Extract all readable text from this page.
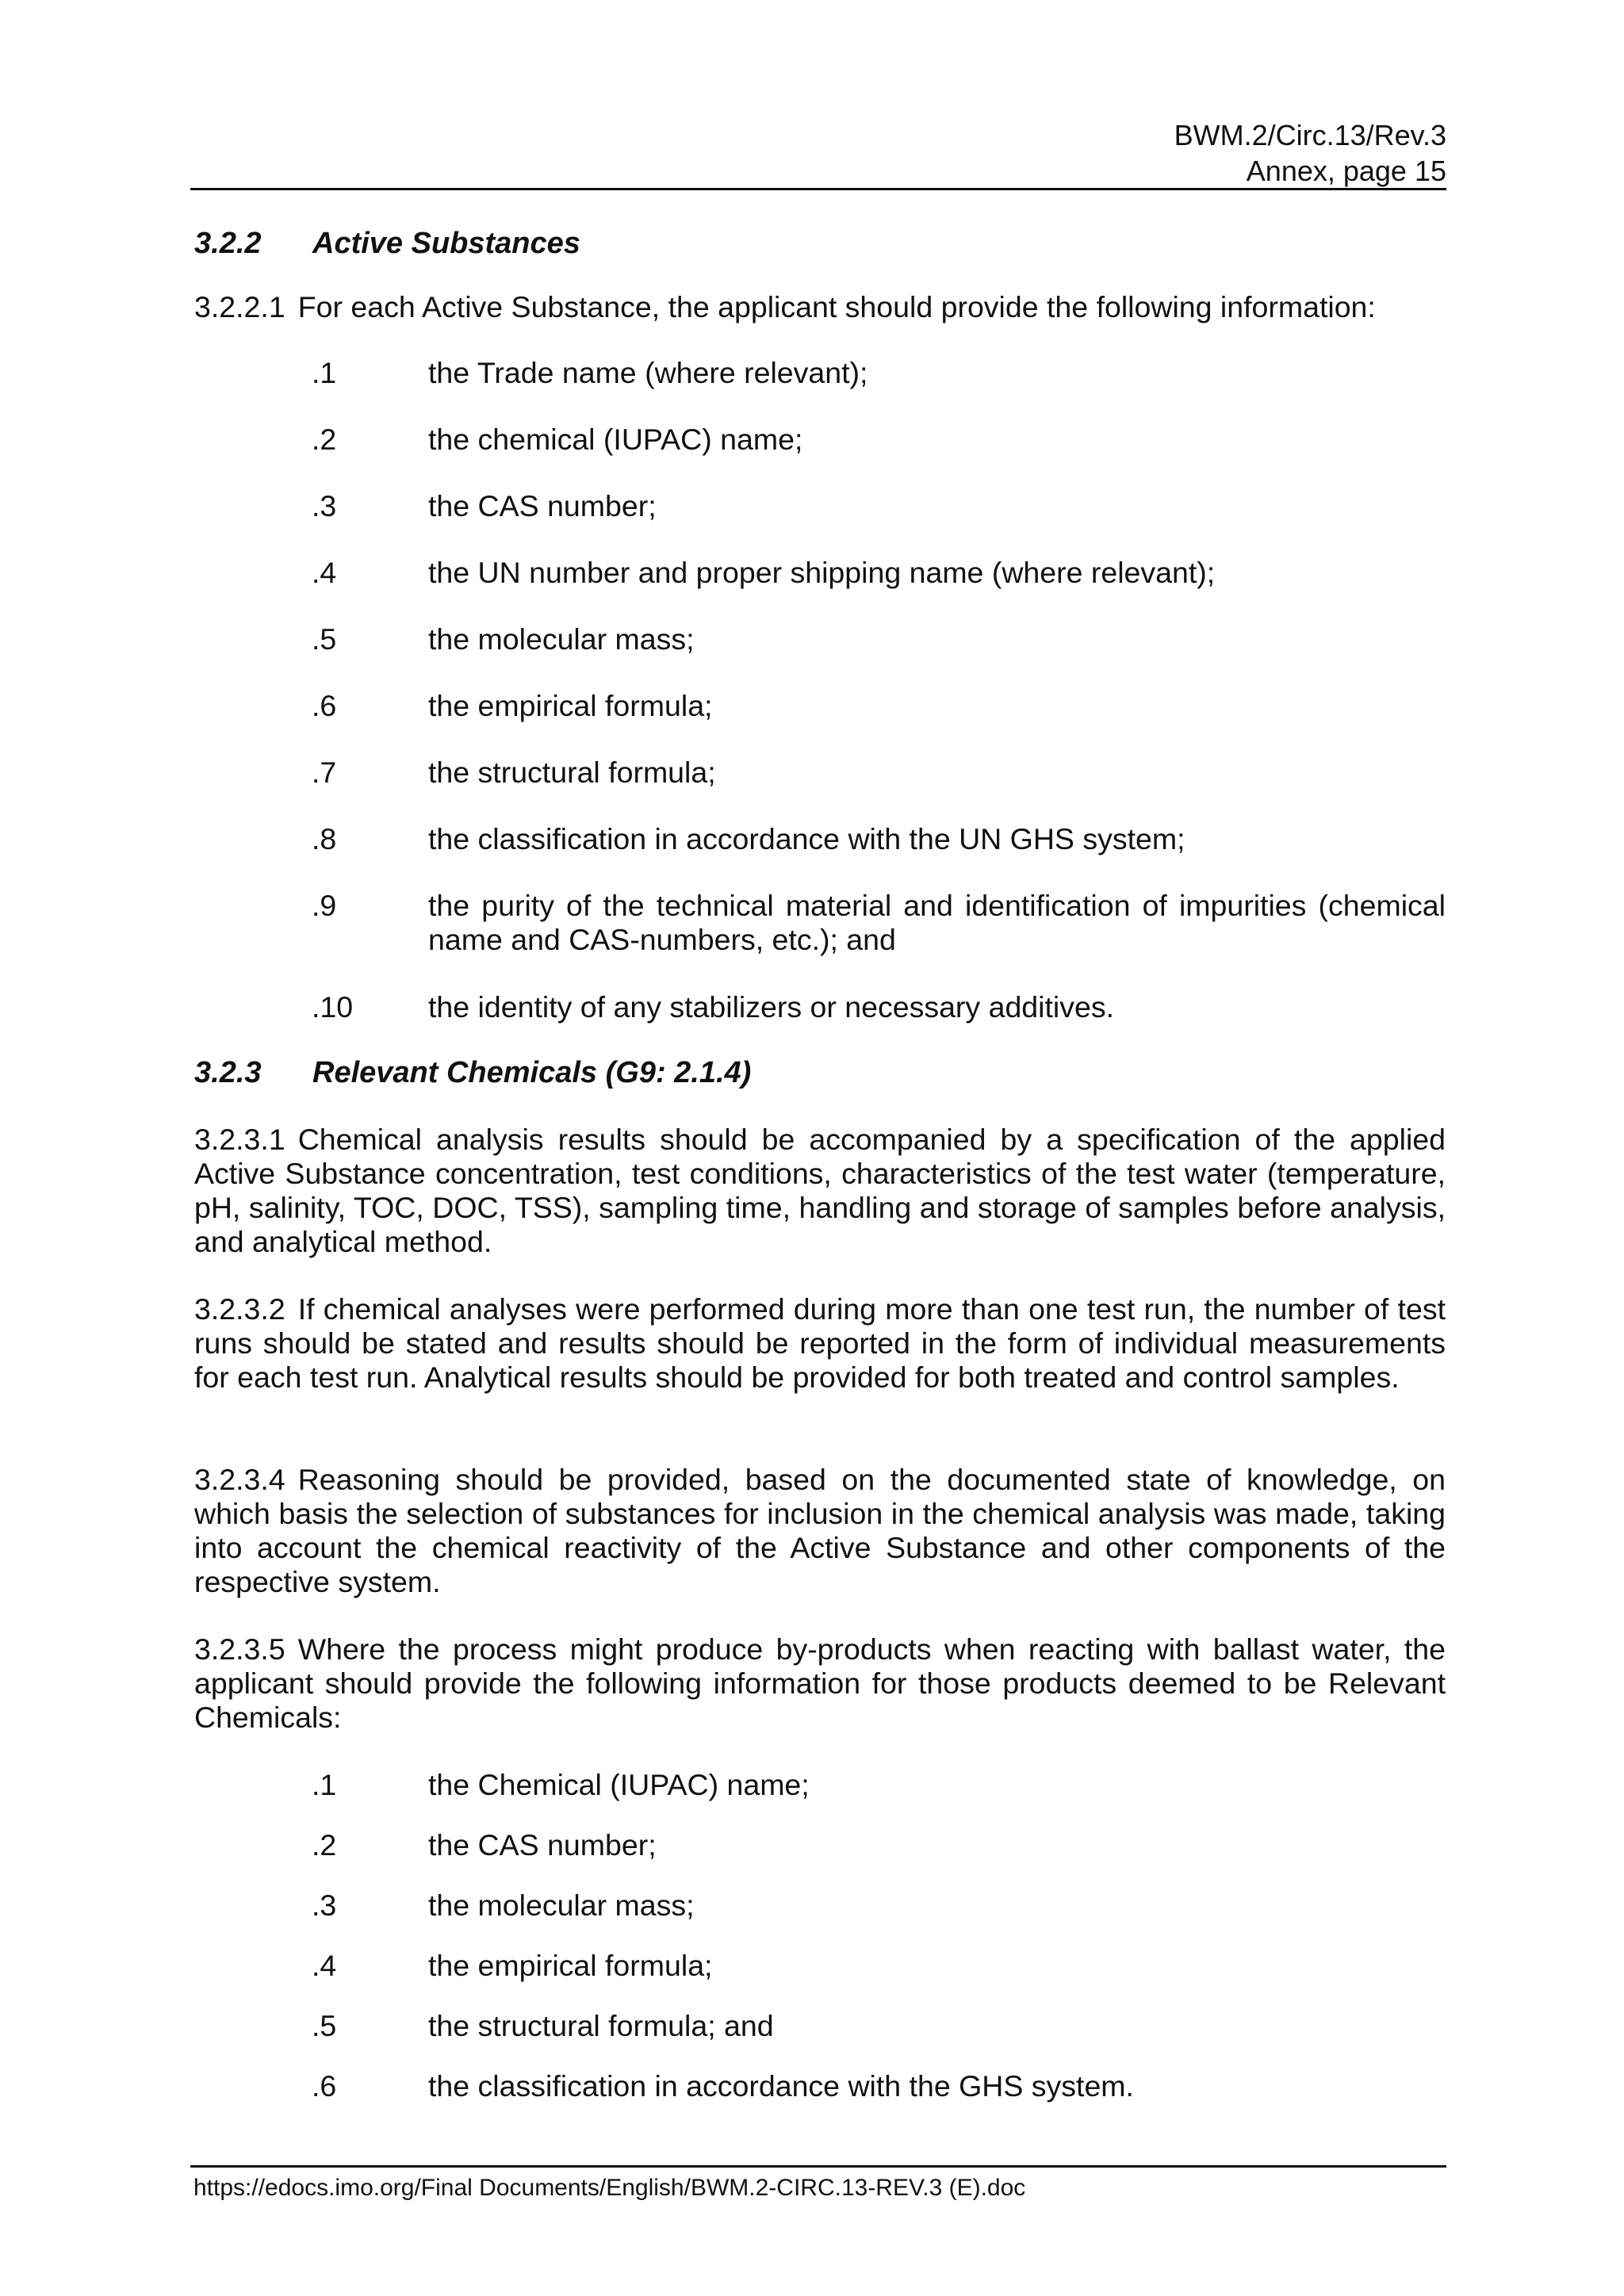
BWM.2/Circ.13/Rev.3
Annex, page 15
3.2.2 Active Substances
3.2.2.1 For each Active Substance, the applicant should provide the following information:
.1	the Trade name (where relevant);
.2	the chemical (IUPAC) name;
.3	the CAS number;
.4	the UN number and proper shipping name (where relevant);
.5	the molecular mass;
.6	the empirical formula;
.7	the structural formula;
.8	the classification in accordance with the UN GHS system;
.9	the purity of the technical material and identification of impurities (chemical name and CAS-numbers, etc.); and
.10	the identity of any stabilizers or necessary additives.
3.2.3 Relevant Chemicals (G9: 2.1.4)
3.2.3.1 Chemical analysis results should be accompanied by a specification of the applied Active Substance concentration, test conditions, characteristics of the test water (temperature, pH, salinity, TOC, DOC, TSS), sampling time, handling and storage of samples before analysis, and analytical method.
3.2.3.2 If chemical analyses were performed during more than one test run, the number of test runs should be stated and results should be reported in the form of individual measurements for each test run. Analytical results should be provided for both treated and control samples.
3.2.3.4 Reasoning should be provided, based on the documented state of knowledge, on which basis the selection of substances for inclusion in the chemical analysis was made, taking into account the chemical reactivity of the Active Substance and other components of the respective system.
3.2.3.5 Where the process might produce by-products when reacting with ballast water, the applicant should provide the following information for those products deemed to be Relevant Chemicals:
.1	the Chemical (IUPAC) name;
.2	the CAS number;
.3	the molecular mass;
.4	the empirical formula;
.5	the structural formula; and
.6	the classification in accordance with the GHS system.
https://edocs.imo.org/Final Documents/English/BWM.2-CIRC.13-REV.3 (E).doc
